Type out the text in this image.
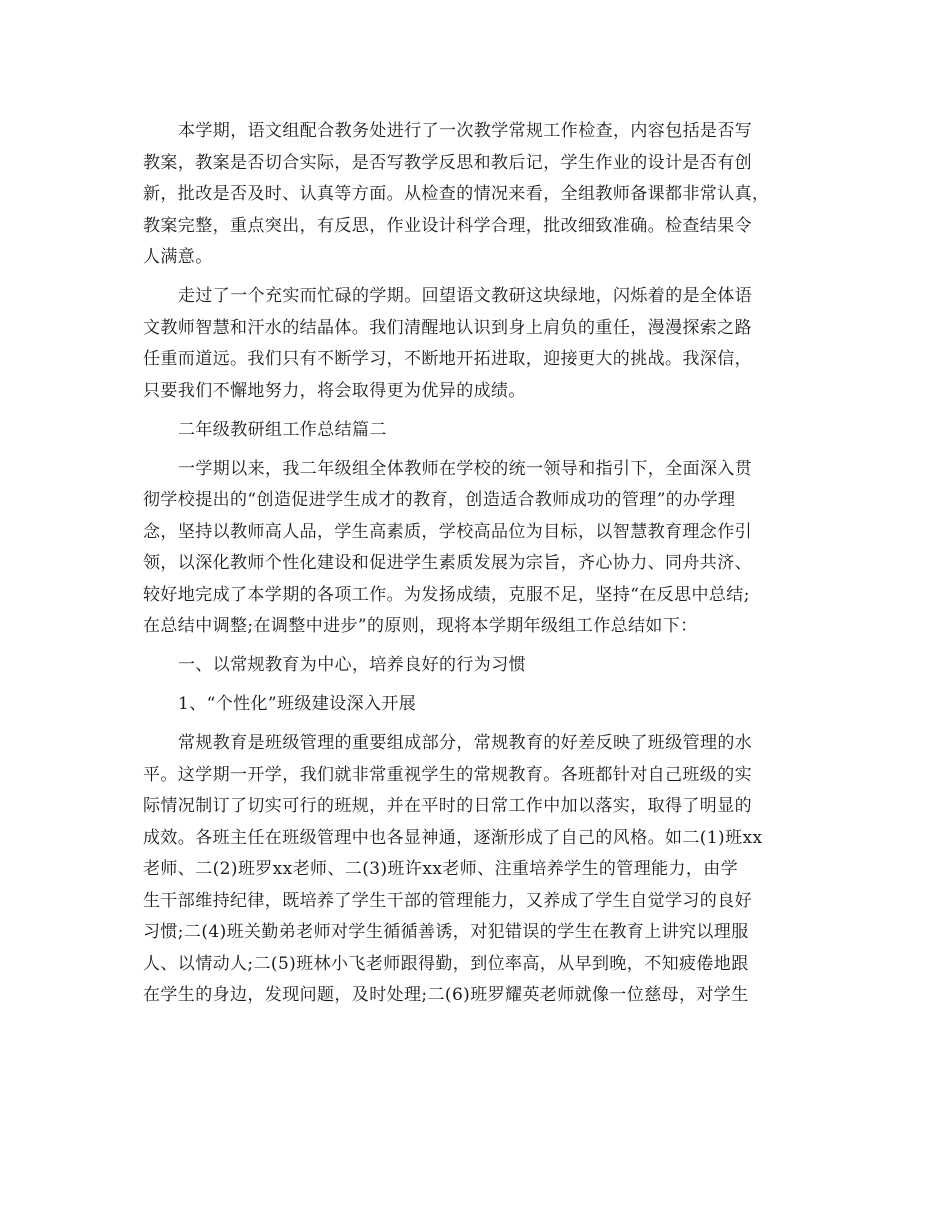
本学期，语文组配合教务处进行了一次教学常规工作检查，内容包括是否写
教案，教案是否切合实际，是否写教学反思和教后记，学生作业的设计是否有创
新，批改是否及时、认真等方面。从检查的情况来看，全组教师备课都非常认真，
教案完整，重点突出，有反思，作业设计科学合理，批改细致准确。检查结果令
人满意。

走过了一个充实而忙碌的学期。回望语文教研这块绿地，闪烁着的是全体语
文教师智慧和汗水的结晶体。我们清醒地认识到身上肩负的重任，漫漫探索之路
任重而道远。我们只有不断学习，不断地开拓进取，迎接更大的挑战。我深信，
只要我们不懈地努力，将会取得更为优异的成绩。

二年级教研组工作总结篇二

一学期以来，我二年级组全体教师在学校的统一领导和指引下，全面深入贯
彻学校提出的“创造促进学生成才的教育，创造适合教师成功的管理”的办学理
念，坚持以教师高人品，学生高素质，学校高品位为目标，以智慧教育理念作引
领，以深化教师个性化建设和促进学生素质发展为宗旨，齐心协力、同舟共济、
较好地完成了本学期的各项工作。为发扬成绩，克服不足，坚持“在反思中总结;
在总结中调整;在调整中进步”的原则，现将本学期年级组工作总结如下：

一、以常规教育为中心，培养良好的行为习惯

1、“个性化”班级建设深入开展

常规教育是班级管理的重要组成部分，常规教育的好差反映了班级管理的水
平。这学期一开学，我们就非常重视学生的常规教育。各班都针对自己班级的实
际情况制订了切实可行的班规，并在平时的日常工作中加以落实，取得了明显的
成效。各班主任在班级管理中也各显神通，逐渐形成了自己的风格。如二(1)班xx
老师、二(2)班罗xx老师、二(3)班许xx老师、注重培养学生的管理能力，由学
生干部维持纪律，既培养了学生干部的管理能力，又养成了学生自觉学习的良好
习惯;二(4)班关勤弟老师对学生循循善诱，对犯错误的学生在教育上讲究以理服
人、以情动人;二(5)班林小飞老师跟得勤，到位率高，从早到晚，不知疲倦地跟
在学生的身边，发现问题，及时处理;二(6)班罗耀英老师就像一位慈母，对学生
